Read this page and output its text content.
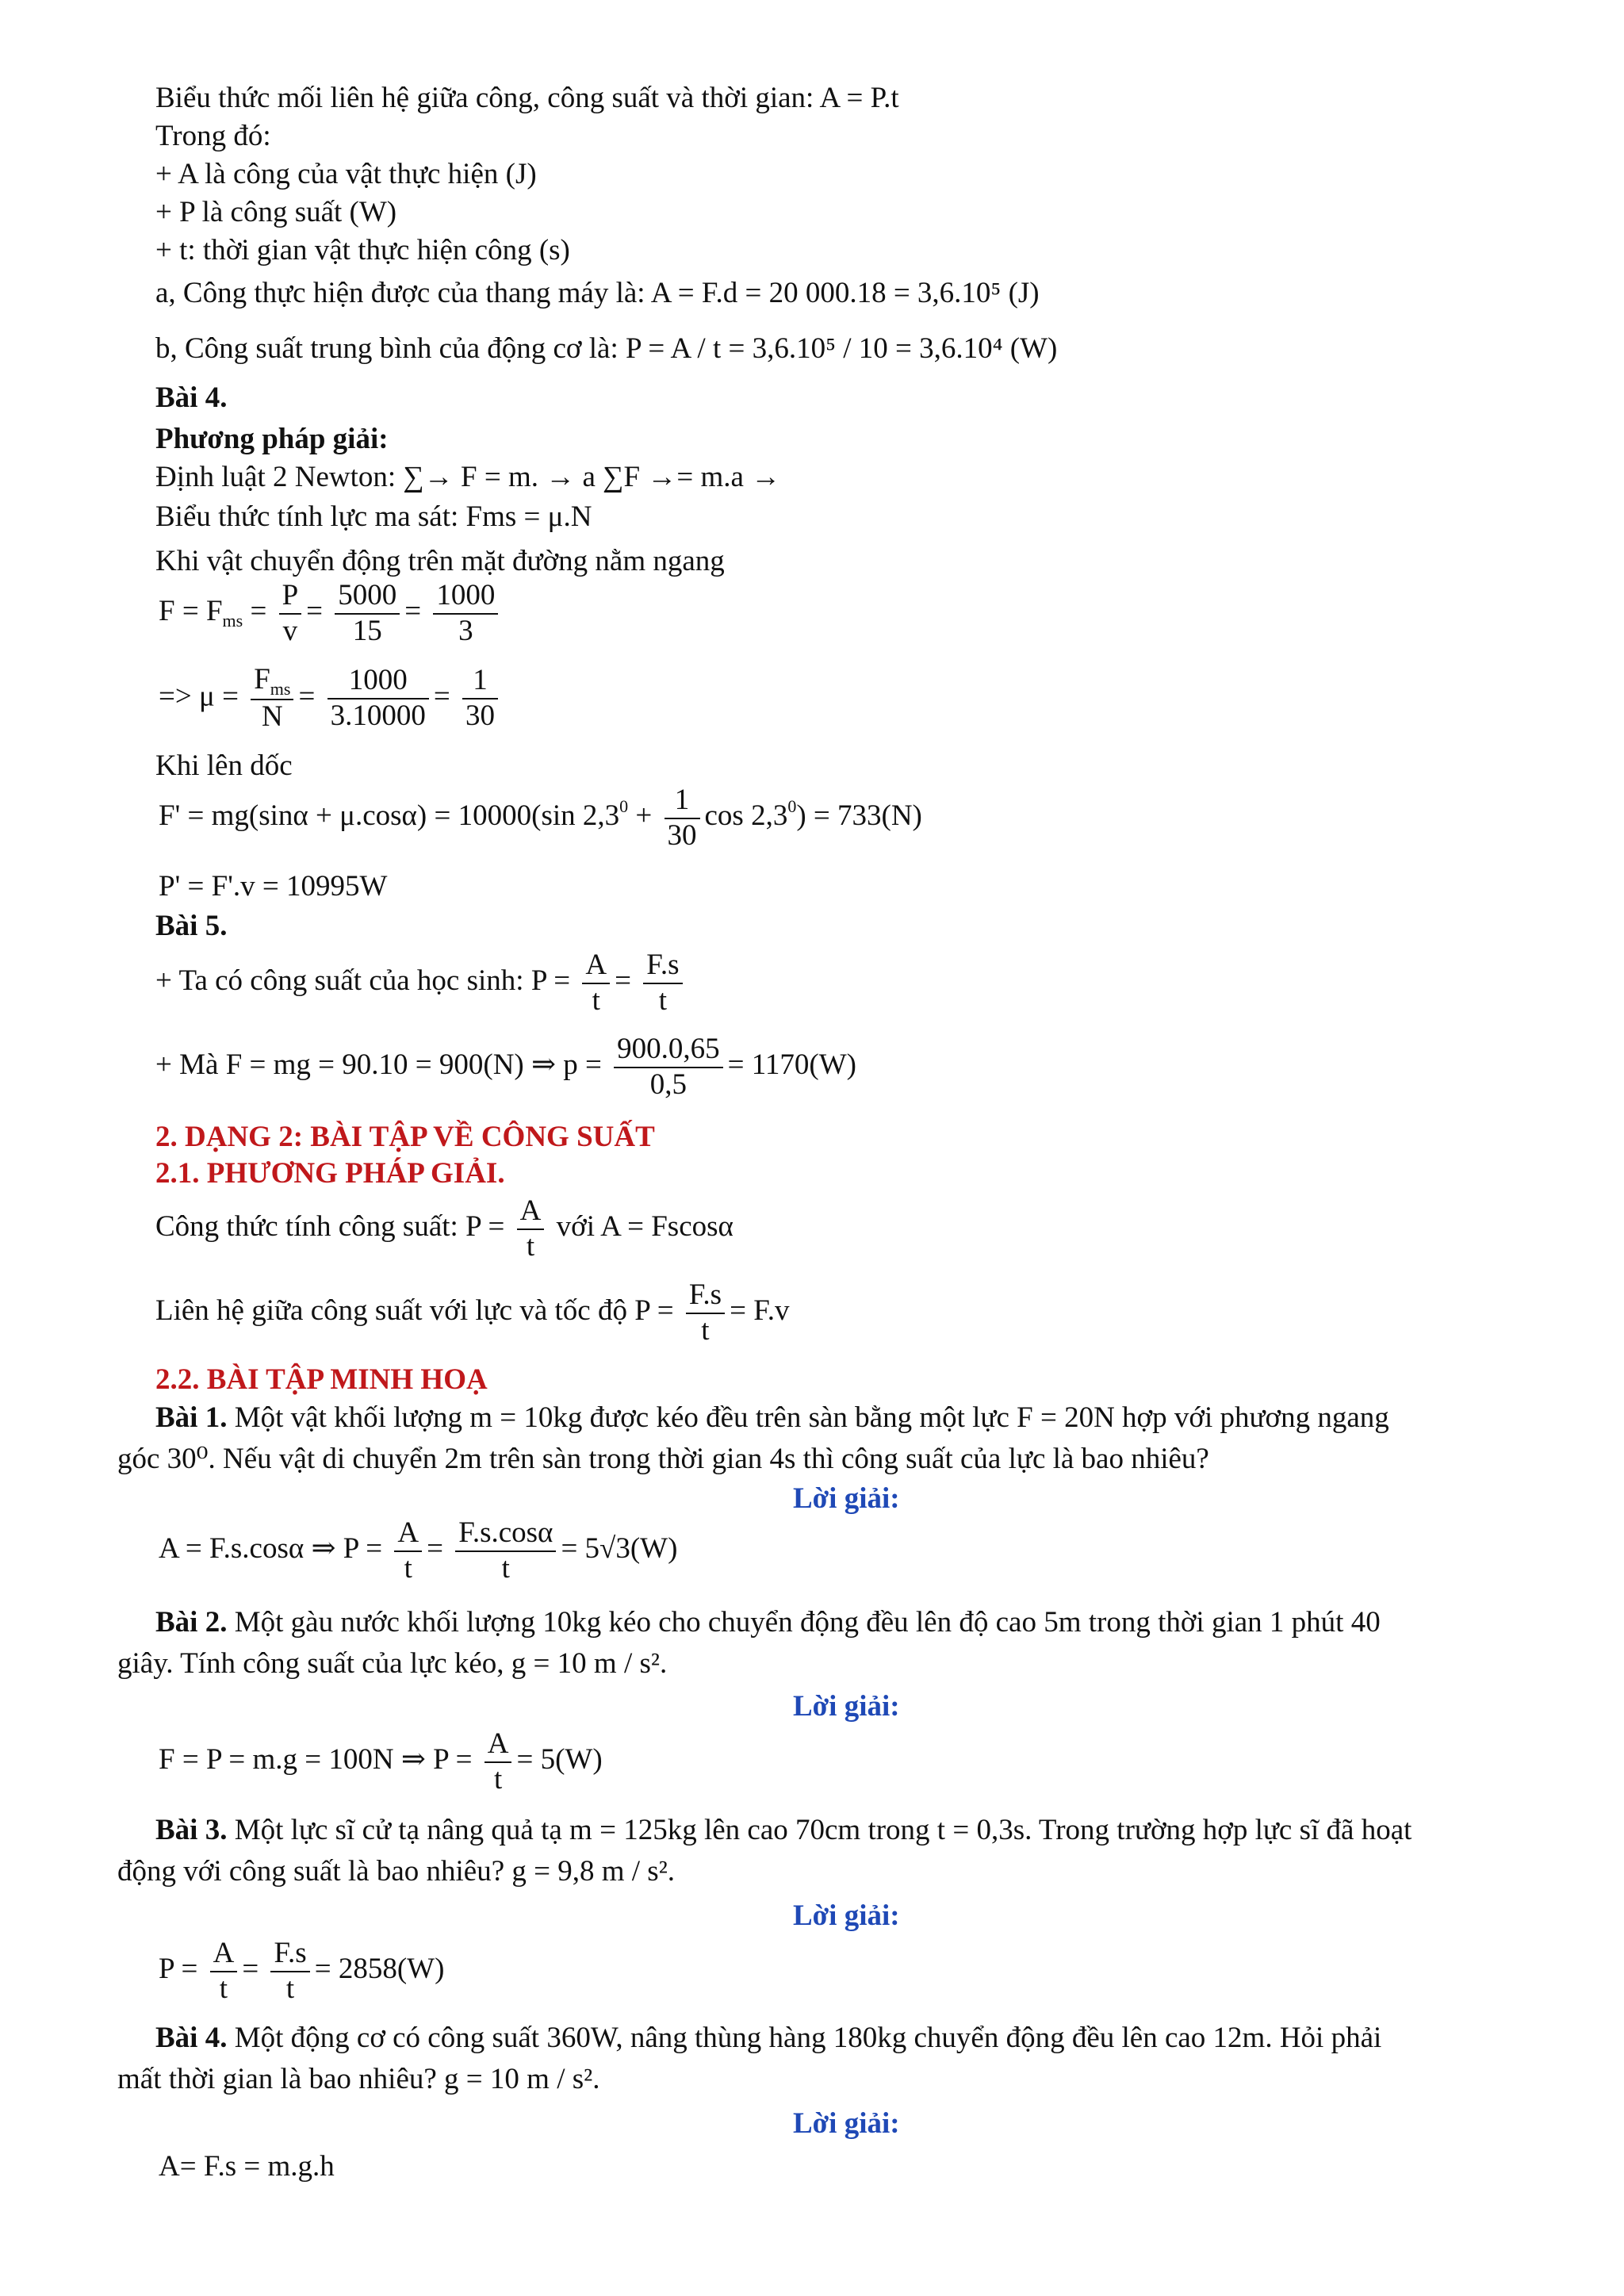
Biểu thức mối liên hệ giữa công, công suất và thời gian: A = P.t
Trong đó:
+ A là công của vật thực hiện (J)
+ P là công suất (W)
+ t: thời gian vật thực hiện công (s)
a, Công thực hiện được của thang máy là: A = F.d = 20 000.18 = 3,6.10⁵ (J)
b, Công suất trung bình của động cơ là: P = A / t = 3,6.10⁵ / 10 = 3,6.10⁴ (W)
Bài 4.
Phương pháp giải:
Định luật 2 Newton: ∑→ F = m. → a ∑F →= m.a →
Biểu thức tính lực ma sát: Fms = μ.N
Khi vật chuyển động trên mặt đường nằm ngang
$F = F_{ms} = \frac{P}{v} = \frac{5000}{15} = \frac{1000}{3}$
=> $\mu = \frac{F_{ms}}{N} = \frac{1000}{3.10000} = \frac{1}{30}$
Khi lên dốc
F' = mg(sinα + μ.cosα) = 10000(sin $2,3^0 + \frac{1}{30}$ $\cos 2,3^0) = 733(N)$
P' = F'.v = 10995W
Bài 5.
+ Ta có công suất của học sinh: $P = \frac{A}{t} = \frac{F.s}{t}$
+ Mà F = mg = 90.10 = 900(N) ⇒ $p = \frac{900.0,65}{0,5} = 1170(W)$
2. DẠNG 2: BÀI TẬP VỀ CÔNG SUẤT
2.1. PHƯƠNG PHÁP GIẢI.
Công thức tính công suất: $P = \frac{A}{t}$ với A = Fscosα
Liên hệ giữa công suất với lực và tốc độ $P = \frac{F.s}{t} = F.v$
2.2. BÀI TẬP MINH HOẠ
Bài 1. Một vật khối lượng m = 10kg được kéo đều trên sàn bằng một lực F = 20N hợp với phương ngang
góc 30⁰. Nếu vật di chuyển 2m trên sàn trong thời gian 4s thì công suất của lực là bao nhiêu?
Lời giải:
A = F.s.cosα ⇒ $P = \frac{A}{t} = \frac{F.s.\cos\alpha}{t} = 5√3(W)$
Bài 2. Một gàu nước khối lượng 10kg kéo cho chuyển động đều lên độ cao 5m trong thời gian 1 phút 40
giây. Tính công suất của lực kéo, g = 10 m / s².
Lời giải:
F = P = m.g = 100N ⇒ $P = \frac{A}{t} = 5(W)$
Bài 3. Một lực sĩ cử tạ nâng quả tạ m = 125kg lên cao 70cm trong t = 0,3s. Trong trường hợp lực sĩ đã hoạt
động với công suất là bao nhiêu? g = 9,8 m / s².
Lời giải:
$P = \frac{A}{t} = \frac{F.s}{t} = 2858(W)$
Bài 4. Một động cơ có công suất 360W, nâng thùng hàng 180kg chuyển động đều lên cao 12m. Hỏi phải
mất thời gian là bao nhiêu? g = 10 m / s².
Lời giải:
A= F.s = m.g.h
